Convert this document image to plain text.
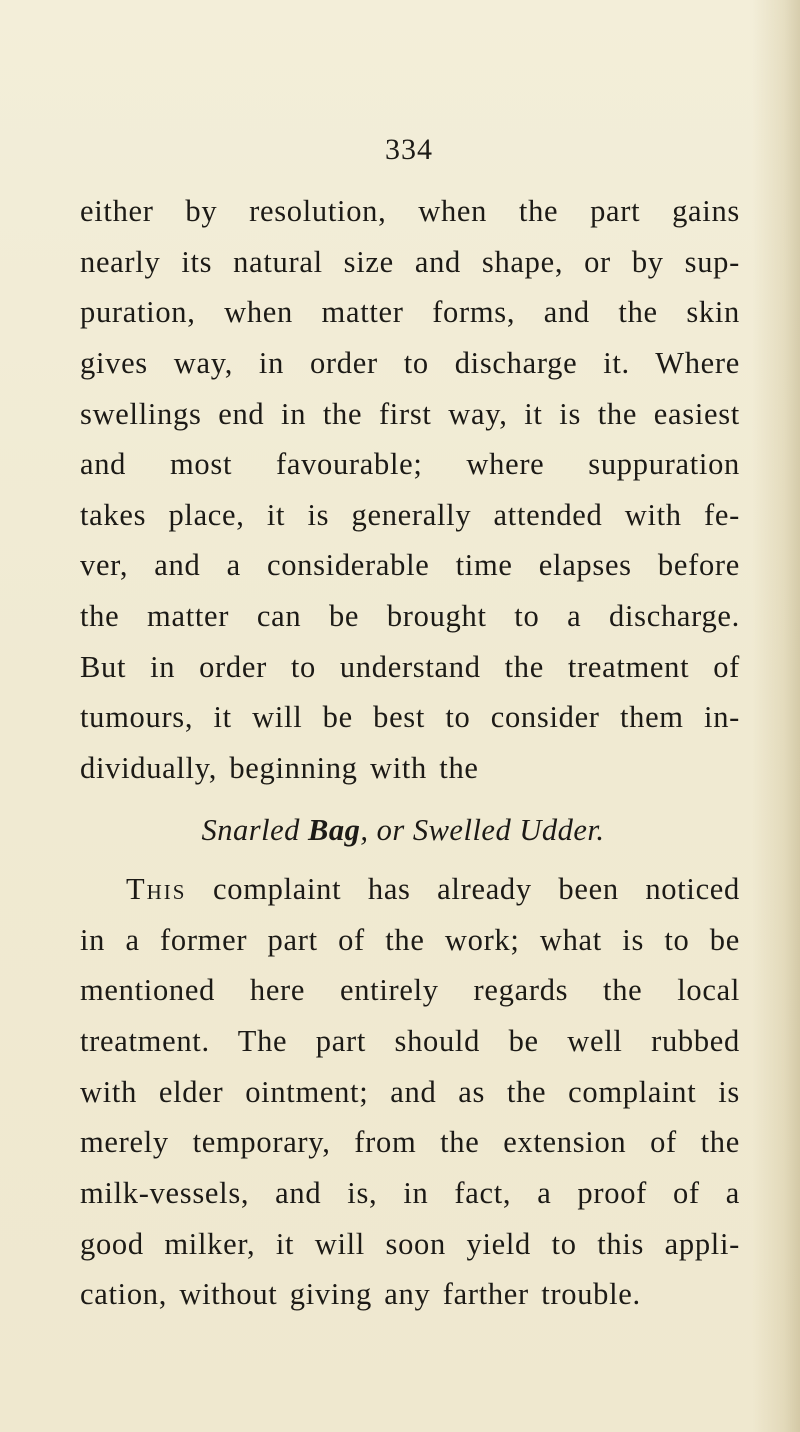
334
either by resolution, when the part gains
nearly its natural size and shape, or by sup-
puration, when matter forms, and the skin
gives way, in order to discharge it. Where
swellings end in the first way, it is the easiest
and most favourable; where suppuration
takes place, it is generally attended with fe-
ver, and a considerable time elapses before
the matter can be brought to a discharge.
But in order to understand the treatment of
tumours, it will be best to consider them in-
dividually, beginning with the
Snarled Bag, or Swelled Udder.
This complaint has already been noticed
in a former part of the work; what is to be
mentioned here entirely regards the local
treatment. The part should be well rubbed
with elder ointment; and as the complaint is
merely temporary, from the extension of the
milk-vessels, and is, in fact, a proof of a
good milker, it will soon yield to this appli-
cation, without giving any farther trouble.
